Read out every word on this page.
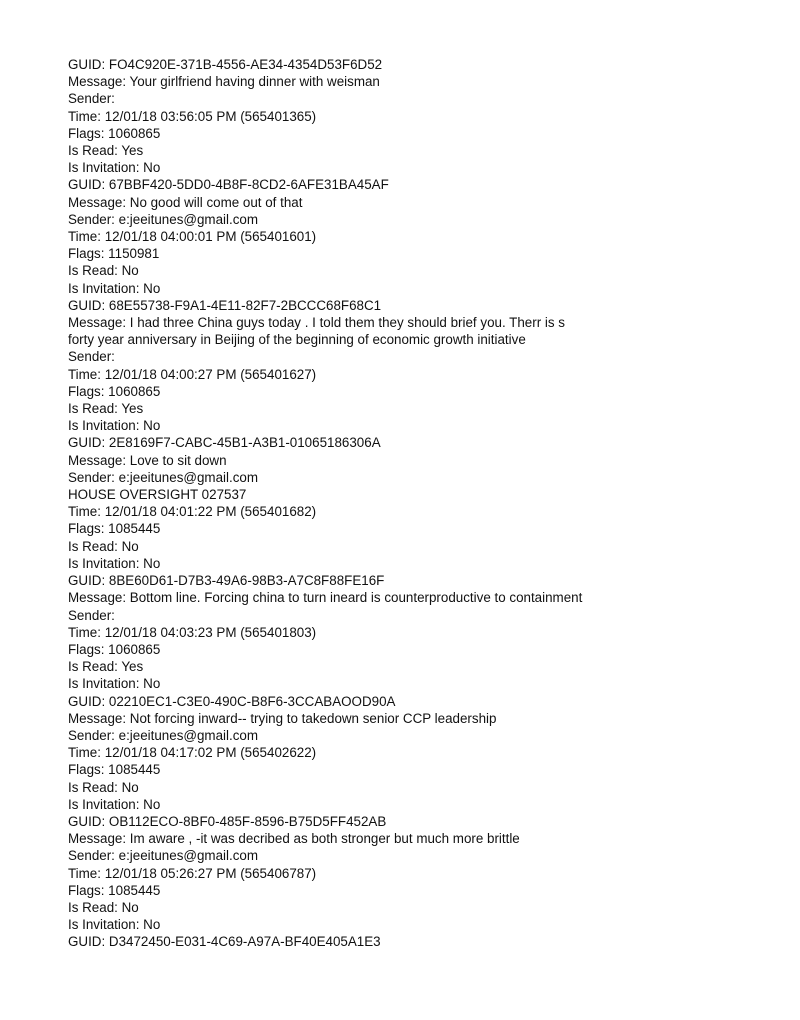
GUID: FO4C920E-371B-4556-AE34-4354D53F6D52
Message: Your girlfriend having dinner with weisman
Sender:
Time: 12/01/18 03:56:05 PM (565401365)
Flags: 1060865
Is Read: Yes
Is Invitation: No
GUID: 67BBF420-5DD0-4B8F-8CD2-6AFE31BA45AF
Message: No good will come out of that
Sender: e:jeeitunes@gmail.com
Time: 12/01/18 04:00:01 PM (565401601)
Flags: 1150981
Is Read: No
Is Invitation: No
GUID: 68E55738-F9A1-4E11-82F7-2BCCC68F68C1
Message: I had three China guys today . I told them they should brief you. Therr is s
forty year anniversary in Beijing of the beginning of economic growth initiative
Sender:
Time: 12/01/18 04:00:27 PM (565401627)
Flags: 1060865
Is Read: Yes
Is Invitation: No
GUID: 2E8169F7-CABC-45B1-A3B1-01065186306A
Message: Love to sit down
Sender: e:jeeitunes@gmail.com
HOUSE OVERSIGHT 027537
Time: 12/01/18 04:01:22 PM (565401682)
Flags: 1085445
Is Read: No
Is Invitation: No
GUID: 8BE60D61-D7B3-49A6-98B3-A7C8F88FE16F
Message: Bottom line. Forcing china to turn ineard is counterproductive to containment
Sender:
Time: 12/01/18 04:03:23 PM (565401803)
Flags: 1060865
Is Read: Yes
Is Invitation: No
GUID: 02210EC1-C3E0-490C-B8F6-3CCABAOOD90A
Message: Not forcing inward-- trying to takedown senior CCP leadership
Sender: e:jeeitunes@gmail.com
Time: 12/01/18 04:17:02 PM (565402622)
Flags: 1085445
Is Read: No
Is Invitation: No
GUID: OB112ECO-8BF0-485F-8596-B75D5FF452AB
Message: Im aware , -it was decribed as both stronger but much more brittle
Sender: e:jeeitunes@gmail.com
Time: 12/01/18 05:26:27 PM (565406787)
Flags: 1085445
Is Read: No
Is Invitation: No
GUID: D3472450-E031-4C69-A97A-BF40E405A1E3
